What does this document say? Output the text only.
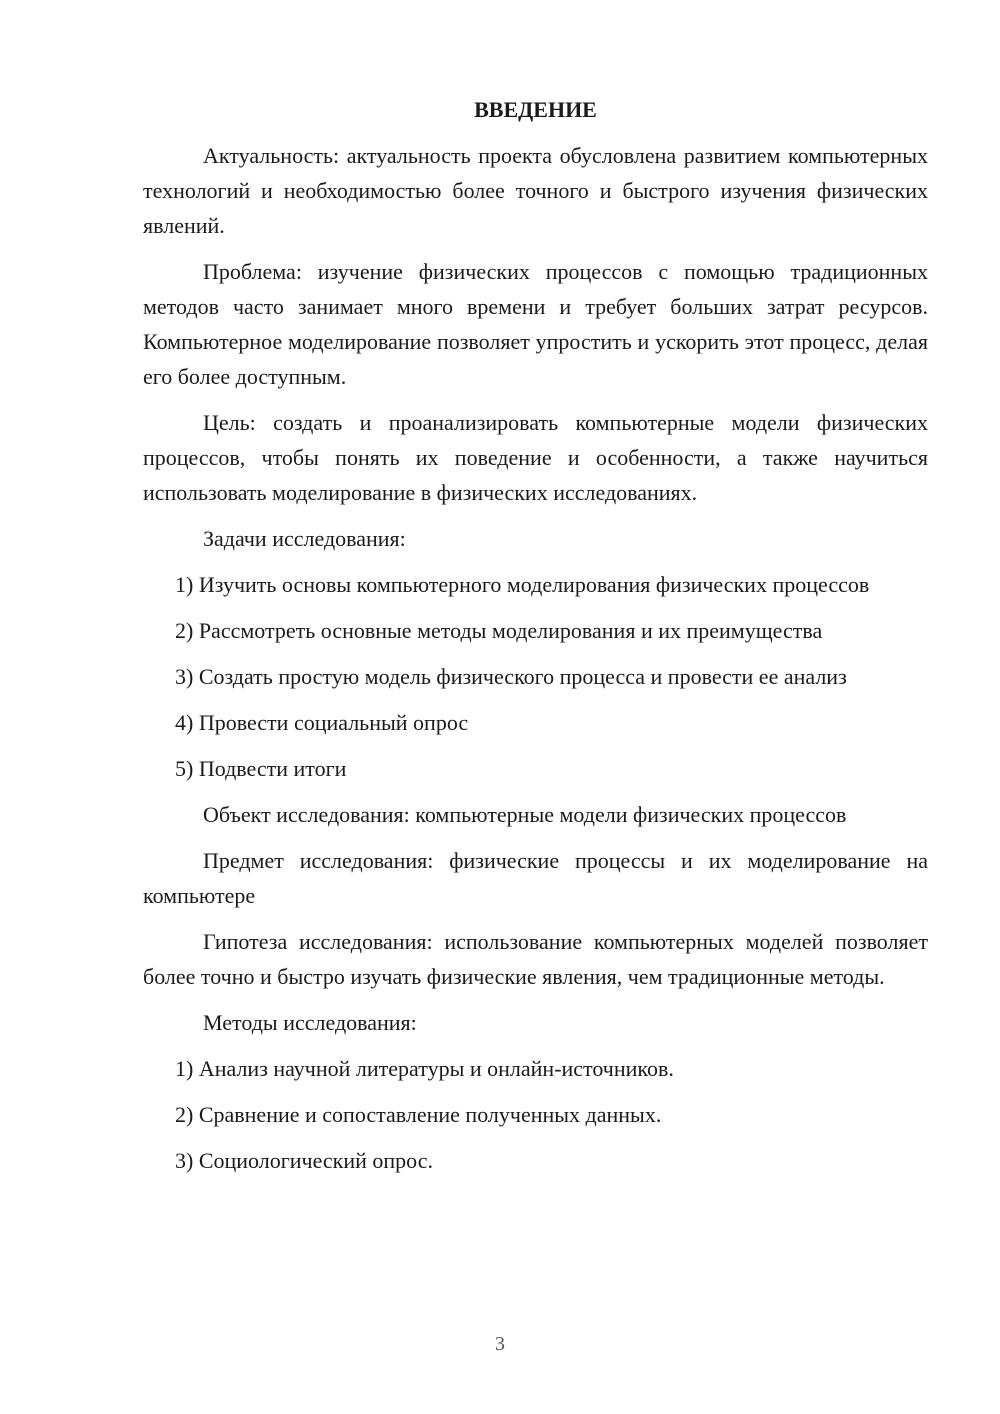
ВВЕДЕНИЕ

Актуальность: актуальность проекта обусловлена развитием компьютерных технологий и необходимостью более точного и быстрого изучения физических явлений.

Проблема: изучение физических процессов с помощью традиционных методов часто занимает много времени и требует больших затрат ресурсов. Компьютерное моделирование позволяет упростить и ускорить этот процесс, делая его более доступным.

Цель: создать и проанализировать компьютерные модели физических процессов, чтобы понять их поведение и особенности, а также научиться использовать моделирование в физических исследованиях.

Задачи исследования:

1) Изучить основы компьютерного моделирования физических процессов

2) Рассмотреть основные методы моделирования и их преимущества

3) Создать простую модель физического процесса и провести ее анализ

4) Провести социальный опрос

5) Подвести итоги

Объект исследования: компьютерные модели физических процессов

Предмет исследования: физические процессы и их моделирование на компьютере

Гипотеза исследования: использование компьютерных моделей позволяет более точно и быстро изучать физические явления, чем традиционные методы.

Методы исследования:

1) Анализ научной литературы и онлайн-источников.

2) Сравнение и сопоставление полученных данных.

3) Социологический опрос.

3
